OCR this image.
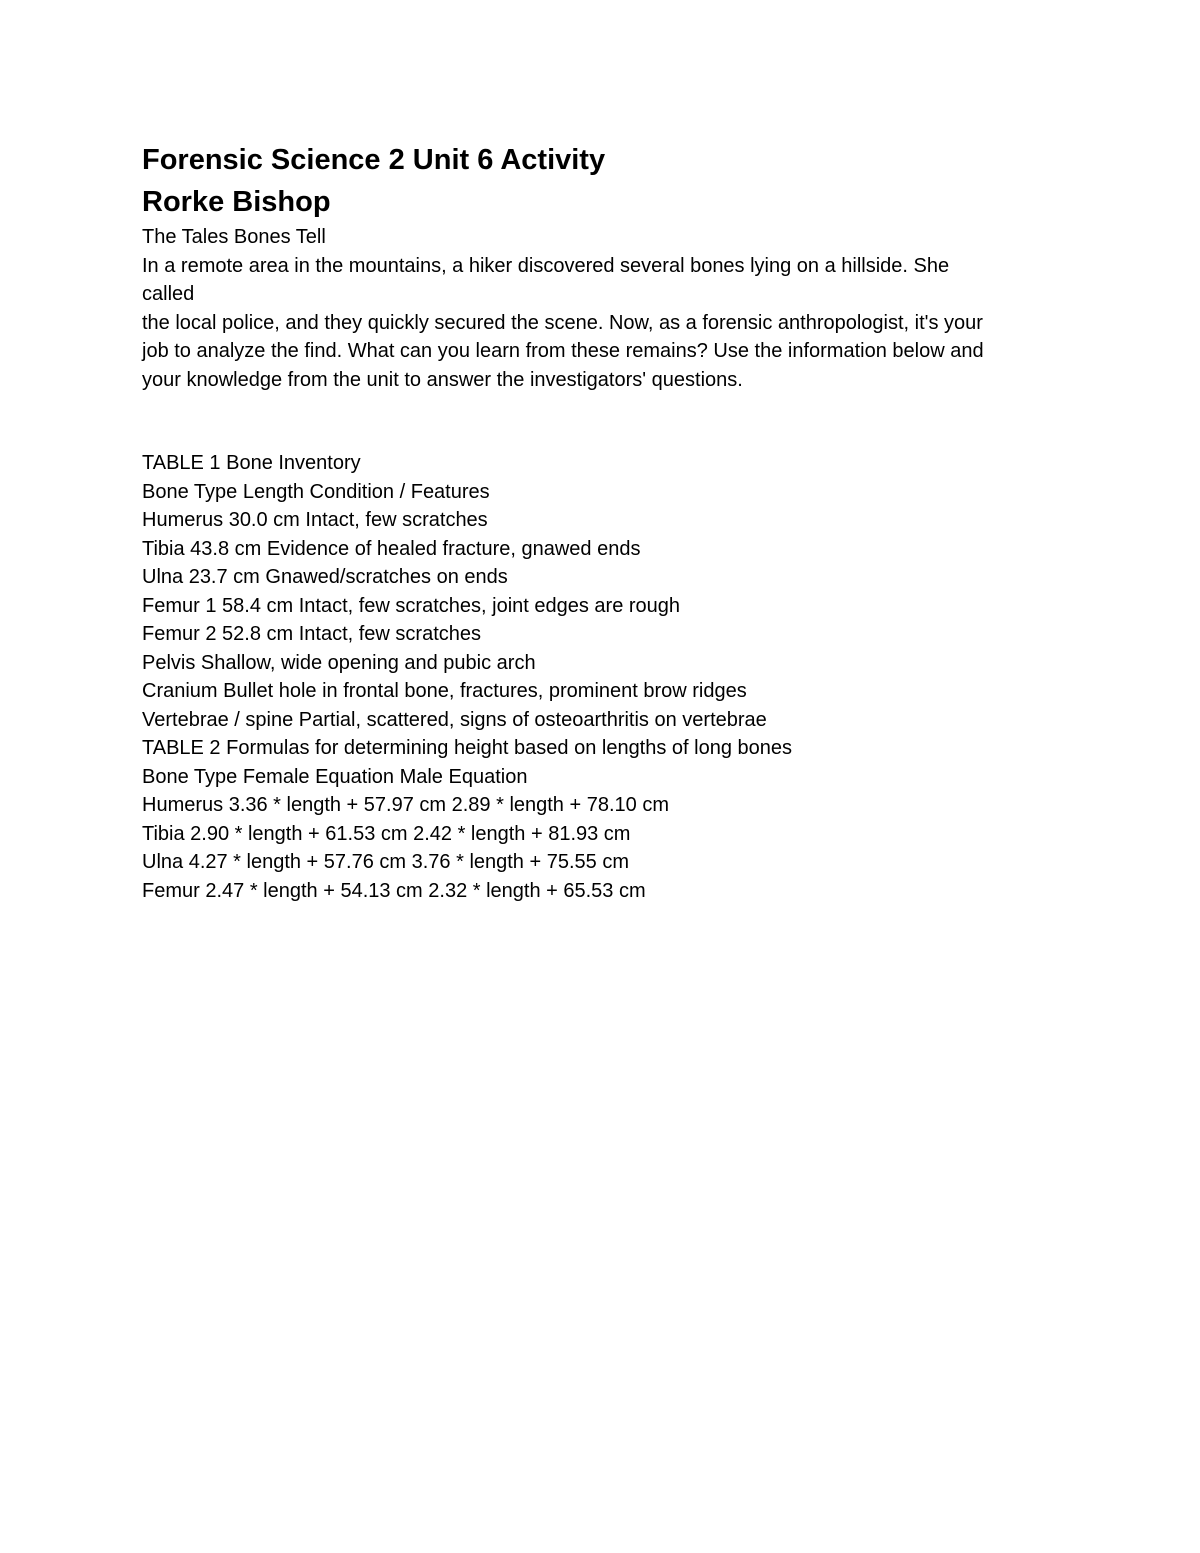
Forensic Science 2 Unit 6 Activity
Rorke Bishop

The Tales Bones Tell

In a remote area in the mountains, a hiker discovered several bones lying on a hillside. She

called

the local police, and they quickly secured the scene. Now, as a forensic anthropologist, it's your

job to analyze the find. What can you learn from these remains? Use the information below and

your knowledge from the unit to answer the investigators' questions.

TABLE 1 Bone Inventory

Bone Type Length Condition / Features

Humerus 30.0 cm Intact, few scratches

Tibia 43.8 cm Evidence of healed fracture, gnawed ends

Ulna 23.7 cm Gnawed/scratches on ends

Femur 1 58.4 cm Intact, few scratches, joint edges are rough

Femur 2 52.8 cm Intact, few scratches

Pelvis Shallow, wide opening and pubic arch

Cranium Bullet hole in frontal bone, fractures, prominent brow ridges

Vertebrae / spine Partial, scattered, signs of osteoarthritis on vertebrae

TABLE 2 Formulas for determining height based on lengths of long bones

Bone Type Female Equation Male Equation

Humerus 3.36 * length + 57.97 cm 2.89 * length + 78.10 cm

Tibia 2.90 * length + 61.53 cm 2.42 * length + 81.93 cm

Ulna 4.27 * length + 57.76 cm 3.76 * length + 75.55 cm

Femur 2.47 * length + 54.13 cm 2.32 * length + 65.53 cm
